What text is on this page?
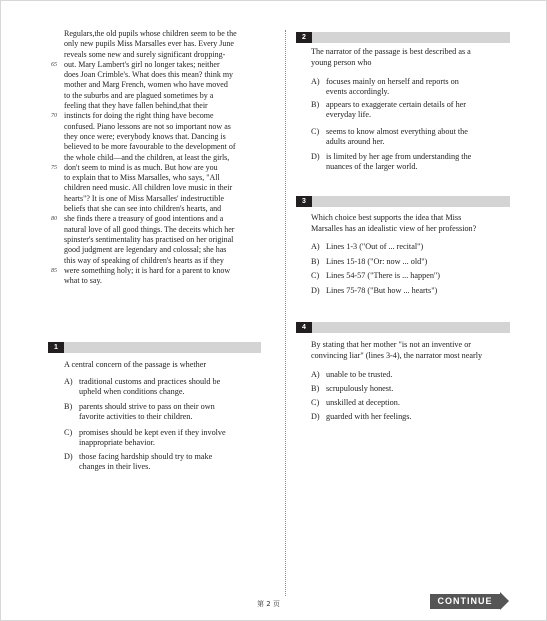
Regulars,the old pupils whose children seem to be the
only new pupils Miss Marsalles ever has. Every June
reveals some new and surely significant dropping-
65 out. Mary Lambert's girl no longer takes; neither
does Joan Crimble's. What does this mean? think my
mother and Marg French, women who have moved
to the suburbs and are plagued sometimes by a
feeling that they have fallen behind,that their
70 instincts for doing the right thing have become
confused. Piano lessons are not so important now as
they once were; everybody knows that. Dancing is
believed to be more favourable to the development of
the whole child—and the children, at least the girls,
75 don't seem to mind is as much. But how are you
to explain that to Miss Marsalles, who says, "All
children need music. All children love music in their
hearts"? It is one of Miss Marsalles' indestructible
beliefs that she can see into children's hearts, and
80 she finds there a treasury of good intentions and a
natural love of all good things. The deceits which her
spinster's sentimentality has practised on her original
good judgment are legendary and colossal; she has
this way of speaking of children's hearts as if they
85 were something holy; it is hard for a parent to know
what to say.
1
A central concern of the passage is whether
A) traditional customs and practices should be
upheld when conditions change.
B) parents should strive to pass on their own
favorite activities to their children.
C) promises should be kept even if they involve
inappropriate behavior.
D) those facing hardship should try to make
changes in their lives.
2
The narrator of the passage is best described as a
young person who
A) focuses mainly on herself and reports on
events accordingly.
B) appears to exaggerate certain details of her
everyday life.
C) seems to know almost everything about the
adults around her.
D) is limited by her age from understanding the
nuances of the larger world.
3
Which choice best supports the idea that Miss
Marsalles has an idealistic view of her profession?
A) Lines 1-3 ("Out of ... recital")
B) Lines 15-18 ("Or: now ... old")
C) Lines 54-57 ("There is ... happen")
D) Lines 75-78 ("But how ... hearts")
4
By stating that her mother "is not an inventive or
convincing liar" (lines 3-4), the narrator most nearly
A) unable to be trusted.
B) scrupulously honest.
C) unskilled at deception.
D) guarded with her feelings.
第 2 页	CONTINUE
